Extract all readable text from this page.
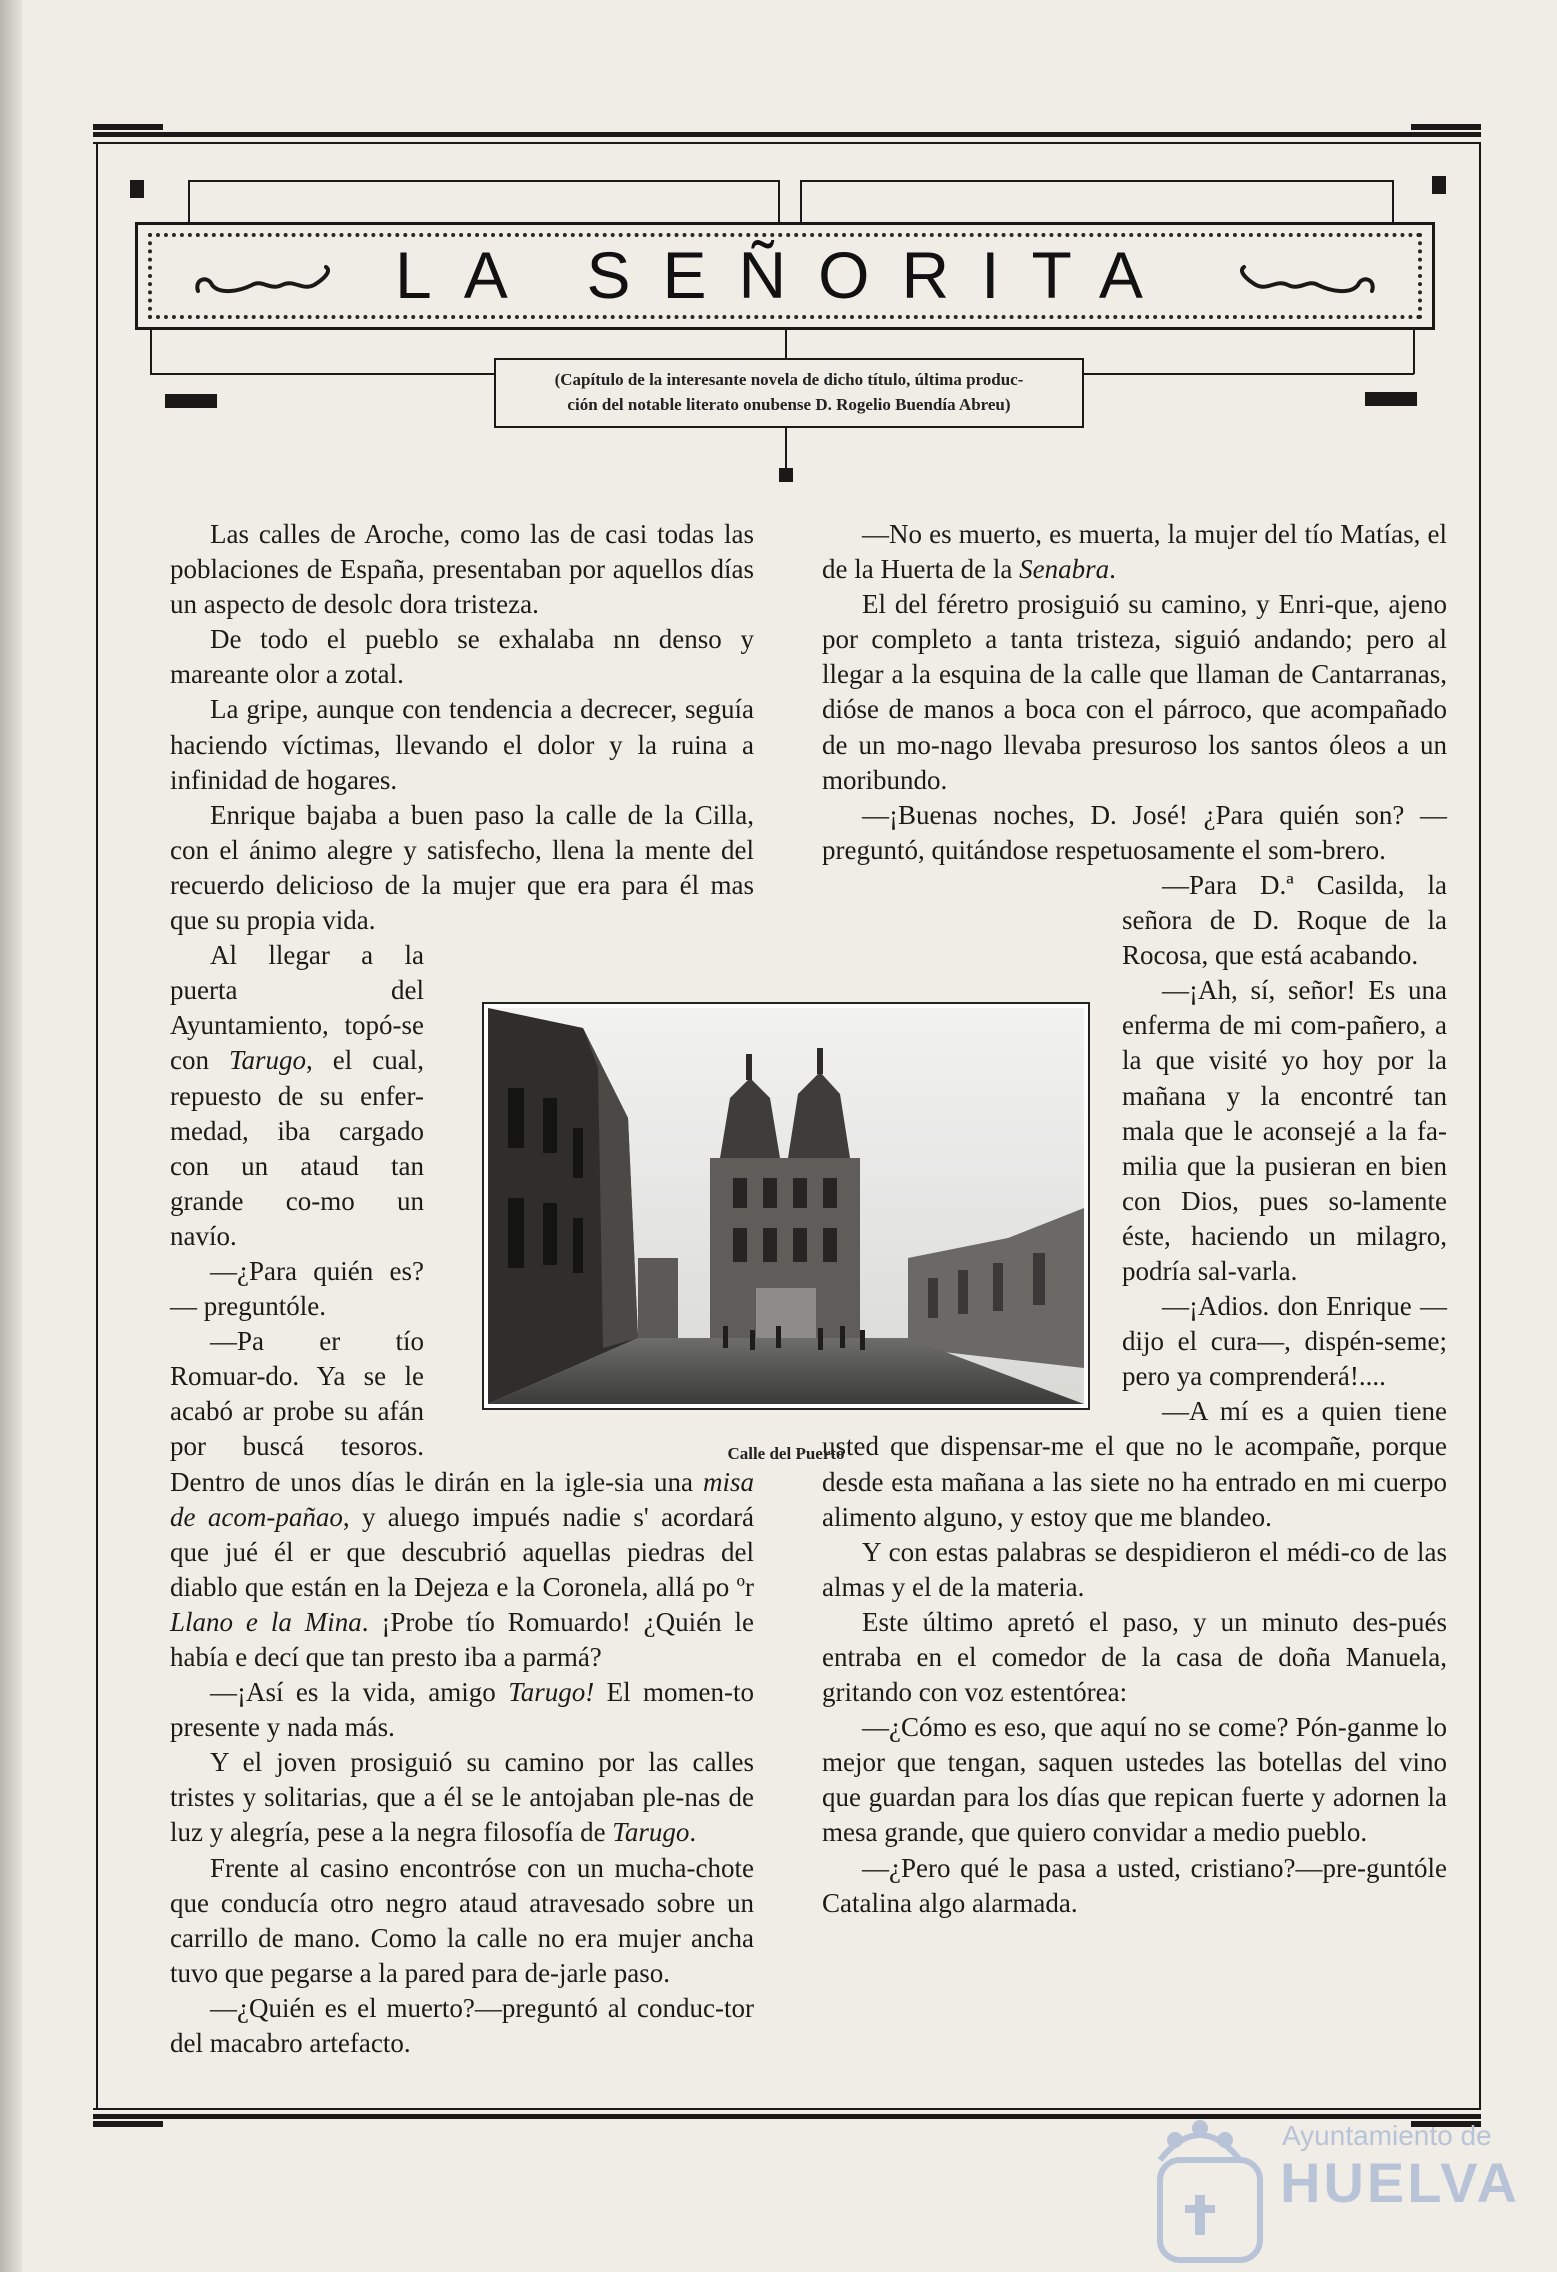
LA SEÑORITA
(Capítulo de la interesante novela de dicho título, última produc-
ción del notable literato onubense D. Rogelio Buendía Abreu)

Las calles de Aroche, como las de casi todas las poblaciones de España, presentaban por aquellos días un aspecto de desolc dora tristeza.

De todo el pueblo se exhalaba nn denso y mareante olor a zotal.

La gripe, aunque con tendencia a decrecer, seguía haciendo víctimas, llevando el dolor y la ruina a infinidad de hogares.

Enrique bajaba a buen paso la calle de la Cilla, con el ánimo alegre y satisfecho, llena la mente del recuerdo delicioso de la mujer que era para él mas que su propia vida.

Al llegar a la puerta del Ayuntamiento, topó-se con Tarugo, el cual, repuesto de su enfer-medad, iba cargado con un ataud tan grande co-mo un navío.

—¿Para quién es?— preguntóle.

—Pa er tío Romuar-do. Ya se le acabó ar probe su afán por buscá tesoros. Dentro de unos días le dirán en la igle-sia una misa de acom-pañao, y aluego impués nadie s' acordará que jué él er que descubrió aquellas piedras del diablo que están en la Dejeza e la Coronela, allá po ºr Llano e la Mina. ¡Probe tío Romuardo! ¿Quién le había e decí que tan presto iba a parmá?

—¡Así es la vida, amigo Tarugo! El momen-to presente y nada más.

Y el joven prosiguió su camino por las calles tristes y solitarias, que a él se le antojaban ple-nas de luz y alegría, pese a la negra filosofía de Tarugo.

Frente al casino encontróse con un mucha-chote que conducía otro negro ataud atravesado sobre un carrillo de mano. Como la calle no era mujer ancha tuvo que pegarse a la pared para de-jarle paso.

—¿Quién es el muerto?—preguntó al conduc-tor del macabro artefacto.

—No es muerto, es muerta, la mujer del tío Matías, el de la Huerta de la Senabra.

El del féretro prosiguió su camino, y Enri-que, ajeno por completo a tanta tristeza, siguió andando; pero al llegar a la esquina de la calle que llaman de Cantarranas, dióse de manos a boca con el párroco, que acompañado de un mo-nago llevaba presuroso los santos óleos a un moribundo.

—¡Buenas noches, D. José! ¿Para quién son? —preguntó, quitándose respetuosamente el som-brero.

—Para D.ª Casilda, la señora de D. Roque de la Rocosa, que está acabando.

—¡Ah, sí, señor! Es una enferma de mi com-pañero, a la que visité yo hoy por la mañana y la encontré tan mala que le aconsejé a la fa-milia que la pusieran en bien con Dios, pues so-lamente éste, haciendo un milagro, podría sal-varla.

—¡Adios. don Enrique —dijo el cura—, dispén-seme; pero ya comprenderá!....

—A mí es a quien tiene usted que dispensar-me el que no le acompañe, porque desde esta mañana a las siete no ha entrado en mi cuerpo alimento alguno, y estoy que me blandeo.

Y con estas palabras se despidieron el médi-co de las almas y el de la materia.

Este último apretó el paso, y un minuto des-pués entraba en el comedor de la casa de doña Manuela, gritando con voz estentórea:

—¿Cómo es eso, que aquí no se come? Pón-ganme lo mejor que tengan, saquen ustedes las botellas del vino que guardan para los días que repican fuerte y adornen la mesa grande, que quiero convidar a medio pueblo.

—¿Pero qué le pasa a usted, cristiano?—pre-guntóle Catalina algo alarmada.

Calle del Puerto
Ayuntamiento de
HUELVA
